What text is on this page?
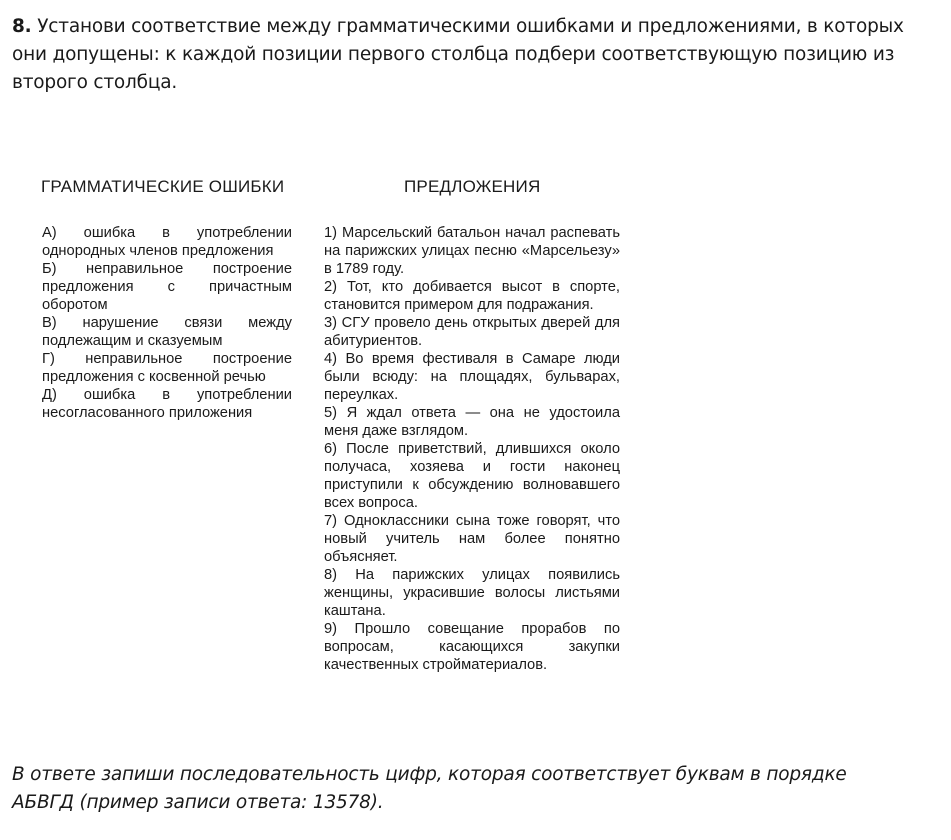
8. Установи соответствие между грамматическими ошибками и предложениями, в которых они допущены: к каждой позиции первого столбца подбери соответствующую позицию из второго столбца.
ГРАММАТИЧЕСКИЕ ОШИБКИ	ПРЕДЛОЖЕНИЯ

А) ошибка в употреблении однородных членов предложения

Б) неправильное построение предложения с причастным оборотом

В) нарушение связи между подлежащим и сказуемым

Г) неправильное построение предложения с косвенной речью

Д) ошибка в употреблении несогласованного приложения

1) Марсельский батальон начал распевать на парижских улицах песню «Марсельезу» в 1789 году.

2) Тот, кто добивается высот в спорте, становится примером для подражания.

3) СГУ провело день открытых дверей для абитуриентов.

4) Во время фестиваля в Самаре люди были всюду: на площадях, бульварах, переулках.

5) Я ждал ответа — она не удостоила меня даже взглядом.

6) После приветствий, длившихся около получаса, хозяева и гости наконец приступили к обсуждению волновавшего всех вопроса.

7) Одноклассники сына тоже говорят, что новый учитель нам более понятно объясняет.

8) На парижских улицах появились женщины, украсившие волосы листьями каштана.

9) Прошло совещание прорабов по вопросам, касающихся закупки качественных стройматериалов.

В ответе запиши последовательность цифр, которая соответствует буквам в порядке АБВГД (пример записи ответа: 13578).
